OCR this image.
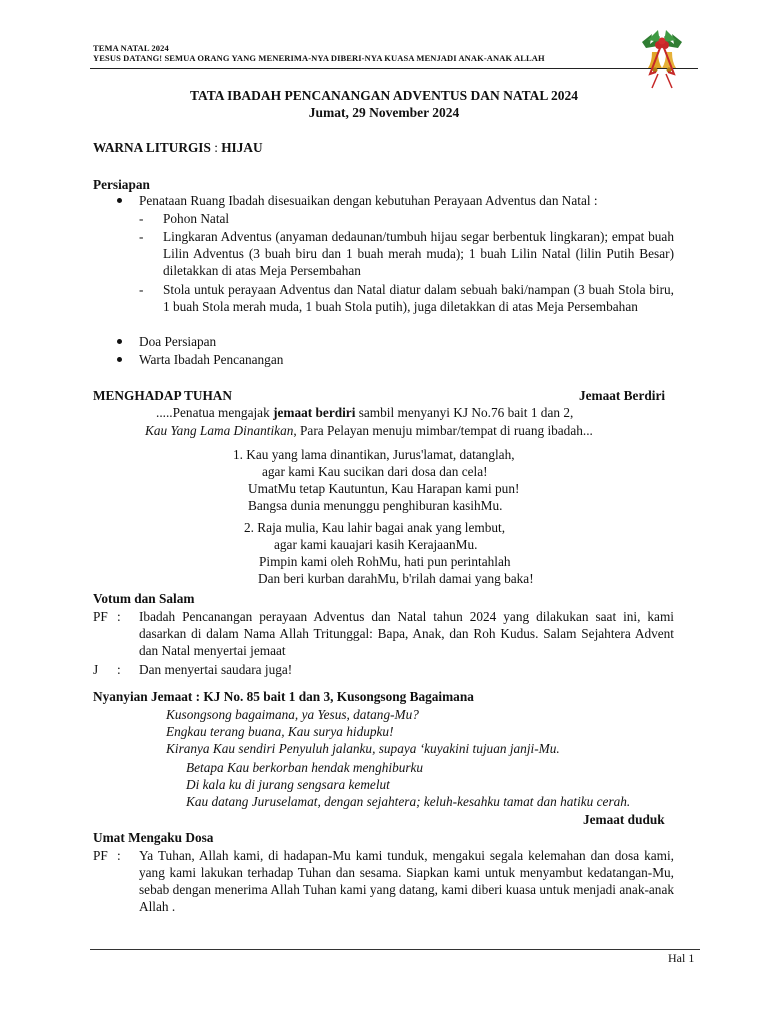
TEMA NATAL 2024
YESUS DATANG! SEMUA ORANG YANG MENERIMA-NYA DIBERI-NYA KUASA MENJADI ANAK-ANAK ALLAH
TATA IBADAH PENCANANGAN ADVENTUS DAN NATAL 2024
Jumat, 29 November 2024
WARNA LITURGIS : HIJAU
Persiapan
Penataan Ruang Ibadah disesuaikan dengan kebutuhan Perayaan Adventus dan Natal :
- Pohon Natal
- Lingkaran Adventus (anyaman dedaunan/tumbuh hijau segar berbentuk lingkaran); empat buah Lilin Adventus (3 buah biru dan 1 buah merah muda); 1 buah Lilin Natal (lilin Putih Besar) diletakkan di atas Meja Persembahan
- Stola untuk perayaan Adventus dan Natal diatur dalam sebuah baki/nampan (3 buah Stola biru, 1 buah Stola merah muda, 1 buah Stola putih), juga diletakkan di atas Meja Persembahan
Doa Persiapan
Warta Ibadah Pencanangan
MENGHADAP TUHAN	Jemaat Berdiri
.....Penatua mengajak jemaat berdiri sambil menyanyi KJ No.76 bait 1 dan 2,
Kau Yang Lama Dinantikan, Para Pelayan menuju mimbar/tempat di ruang ibadah...
1. Kau yang lama dinantikan, Jurus'lamat, datanglah,
agar kami Kau sucikan dari dosa dan cela!
UmatMu tetap Kautuntun, Kau Harapan kami pun!
Bangsa dunia menunggu penghiburan kasihMu.
2. Raja mulia, Kau lahir bagai anak yang lembut,
agar kami kauajari kasih KerajaanMu.
Pimpin kami oleh RohMu, hati pun perintahlah
Dan beri kurban darahMu, b'rilah damai yang baka!
Votum dan Salam
PF : Ibadah Pencanangan perayaan Adventus dan Natal tahun 2024 yang dilakukan saat ini, kami dasarkan di dalam Nama Allah Tritunggal: Bapa, Anak, dan Roh Kudus. Salam Sejahtera Advent dan Natal menyertai jemaat
J : Dan menyertai saudara juga!
Nyanyian Jemaat : KJ No. 85 bait 1 dan 3, Kusongsong Bagaimana
Kusongsong bagaimana, ya Yesus, datang-Mu?
Engkau terang buana, Kau surya hidupku!
Kiranya Kau sendiri Penyuluh jalanku, supaya ‘kuyakini tujuan janji-Mu.
Betapa Kau berkorban hendak menghiburku
Di kala ku di jurang sengsara kemelut
Kau datang Juruselamat, dengan sejahtera; keluh-kesahku tamat dan hatiku cerah.
Jemaat duduk
Umat Mengaku Dosa
PF : Ya Tuhan, Allah kami, di hadapan-Mu kami tunduk, mengakui segala kelemahan dan dosa kami, yang kami lakukan terhadap Tuhan dan sesama. Siapkan kami untuk menyambut kedatangan-Mu, sebab dengan menerima Allah Tuhan kami yang datang, kami diberi kuasa untuk menjadi anak-anak Allah .
Hal 1
